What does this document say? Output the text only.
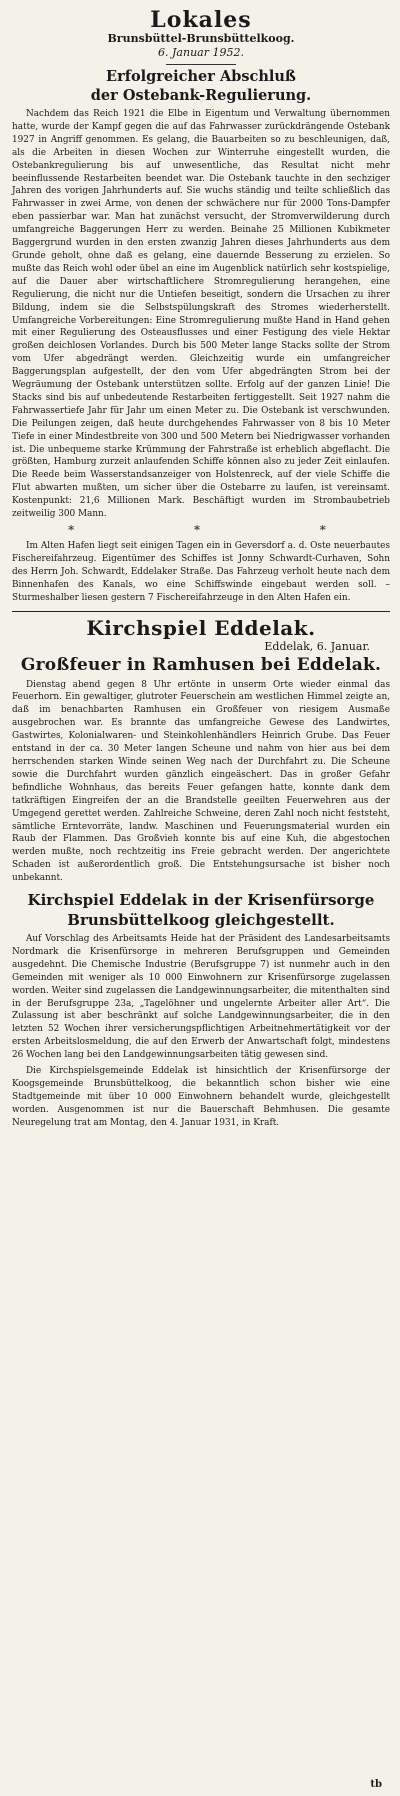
Lokales
Brunsbüttel-Brunsbüttelkoog.
6. Januar 1952.
Erfolgreicher Abschluß
der Ostebank-Regulierung.

Nachdem das Reich 1921 die Elbe in Eigentum und Verwaltung übernommen hatte, wurde der Kampf gegen die auf das Fahrwasser zurückdrängende Ostebank 1927 in Angriff genommen. Es gelang, die Bauarbeiten so zu beschleunigen, daß, als die Arbeiten in diesen Wochen zur Winterruhe eingestellt wurden, die Ostebankregulierung bis auf unwesentliche, das Resultat nicht mehr beeinflussende Restarbeiten beendet war. Die Ostebank tauchte in den sechziger Jahren des vorigen Jahrhunderts auf. Sie wuchs ständig und teilte schließlich das Fahrwasser in zwei Arme, von denen der schwächere nur für 2000 Tons-Dampfer eben passierbar war. Man hat zunächst versucht, der Stromverwilderung durch umfangreiche Baggerungen Herr zu werden. Beinahe 25 Millionen Kubikmeter Baggergrund wurden in den ersten zwanzig Jahren dieses Jahrhunderts aus dem Grunde geholt, ohne daß es gelang, eine dauernde Besserung zu erzielen. So mußte das Reich wohl oder übel an eine im Augenblick natürlich sehr kostspielige, auf die Dauer aber wirtschaftlichere Stromregulierung herangehen, eine Regulierung, die nicht nur die Untiefen beseitigt, sondern die Ursachen zu ihrer Bildung, indem sie die Selbstspülungskraft des Stromes wiederherstellt. Umfangreiche Vorbereitungen: Eine Stromregulierung mußte Hand in Hand gehen mit einer Regulierung des Osteausflusses und einer Festigung des viele Hektar großen deichlosen Vorlandes. Durch bis 500 Meter lange Stacks sollte der Strom vom Ufer abgedrängt werden. Gleichzeitig wurde ein umfangreicher Baggerungsplan aufgestellt, der den vom Ufer abgedrängten Strom bei der Wegräumung der Ostebank unterstützen sollte. Erfolg auf der ganzen Linie! Die Stacks sind bis auf unbedeutende Restarbeiten fertiggestellt. Seit 1927 nahm die Fahrwassertiefe Jahr für Jahr um einen Meter zu. Die Ostebank ist verschwunden. Die Peilungen zeigen, daß heute durchgehendes Fahrwasser von 8 bis 10 Meter Tiefe in einer Mindestbreite von 300 und 500 Metern bei Niedrigwasser vorhanden ist. Die unbequeme starke Krümmung der Fahrstraße ist erheblich abgeflacht. Die größten, Hamburg zurzeit anlaufenden Schiffe können also zu jeder Zeit einlaufen. Die Reede beim Wasserstandsanzeiger von Holstenreck, auf der viele Schiffe die Flut abwarten mußten, um sicher über die Ostebarre zu laufen, ist vereinsamt. Kostenpunkt: 21,6 Millionen Mark. Beschäftigt wurden im Strombaubetrieb zeitweilig 300 Mann.

* * *

Im Alten Hafen liegt seit einigen Tagen ein in Geversdorf a. d. Oste neuerbautes Fischereifahrzeug. Eigentümer des Schiffes ist Jonny Schwardt-Curhaven, Sohn des Herrn Joh. Schwardt, Eddelaker Straße. Das Fahrzeug verholt heute nach dem Binnenhafen des Kanals, wo eine Schiffswinde eingebaut werden soll. – Sturmeshalber liesen gestern 7 Fischereifahrzeuge in den Alten Hafen ein.

Kirchspiel Eddelak.
Eddelak, 6. Januar.
Großfeuer in Ramhusen bei Eddelak.

Dienstag abend gegen 8 Uhr ertönte in unserm Orte wieder einmal das Feuerhorn. Ein gewaltiger, glutroter Feuerschein am westlichen Himmel zeigte an, daß im benachbarten Ramhusen ein Großfeuer von riesigem Ausmaße ausgebrochen war. Es brannte das umfangreiche Gewese des Landwirtes, Gastwirtes, Kolonialwaren- und Steinkohlenhändlers Heinrich Grube. Das Feuer entstand in der ca. 30 Meter langen Scheune und nahm von hier aus bei dem herrschenden starken Winde seinen Weg nach der Durchfahrt zu. Die Scheune sowie die Durchfahrt wurden gänzlich eingeäschert. Das in großer Gefahr befindliche Wohnhaus, das bereits Feuer gefangen hatte, konnte dank dem tatkräftigen Eingreifen der an die Brandstelle geeilten Feuerwehren aus der Umgegend gerettet werden. Zahlreiche Schweine, deren Zahl noch nicht feststeht, sämtliche Erntevorräte, landw. Maschinen und Feuerungsmaterial wurden ein Raub der Flammen. Das Großvieh konnte bis auf eine Kuh, die abgestochen werden mußte, noch rechtzeitig ins Freie gebracht werden. Der angerichtete Schaden ist außerordentlich groß. Die Entstehungsursache ist bisher noch unbekannt.

Kirchspiel Eddelak in der Krisenfürsorge
Brunsbüttelkoog gleichgestellt.

Auf Vorschlag des Arbeitsamts Heide hat der Präsident des Landesarbeitsamts Nordmark die Krisenfürsorge in mehreren Berufsgruppen und Gemeinden ausgedehnt. Die Chemische Industrie (Berufsgruppe 7) ist nunmehr auch in den Gemeinden mit weniger als 10 000 Einwohnern zur Krisenfürsorge zugelassen worden. Weiter sind zugelassen die Landgewinnungsarbeiter, die mitenthalten sind in der Berufsgruppe 23a, „Tagelöhner und ungelernte Arbeiter aller Art“. Die Zulassung ist aber beschränkt auf solche Landgewinnungsarbeiter, die in den letzten 52 Wochen ihrer versicherungspflichtigen Arbeitnehmertätigkeit vor der ersten Arbeitslosmeldung, die auf den Erwerb der Anwartschaft folgt, mindestens 26 Wochen lang bei den Landgewinnungsarbeiten tätig gewesen sind.

Die Kirchspielsgemeinde Eddelak ist hinsichtlich der Krisenfürsorge der Koogsgemeinde Brunsbüttelkoog, die bekanntlich schon bisher wie eine Stadtgemeinde mit über 10 000 Einwohnern behandelt wurde, gleichgestellt worden. Ausgenommen ist nur die Bauerschaft Behmhusen. Die gesamte Neuregelung trat am Montag, den 4. Januar 1931, in Kraft.

tb
